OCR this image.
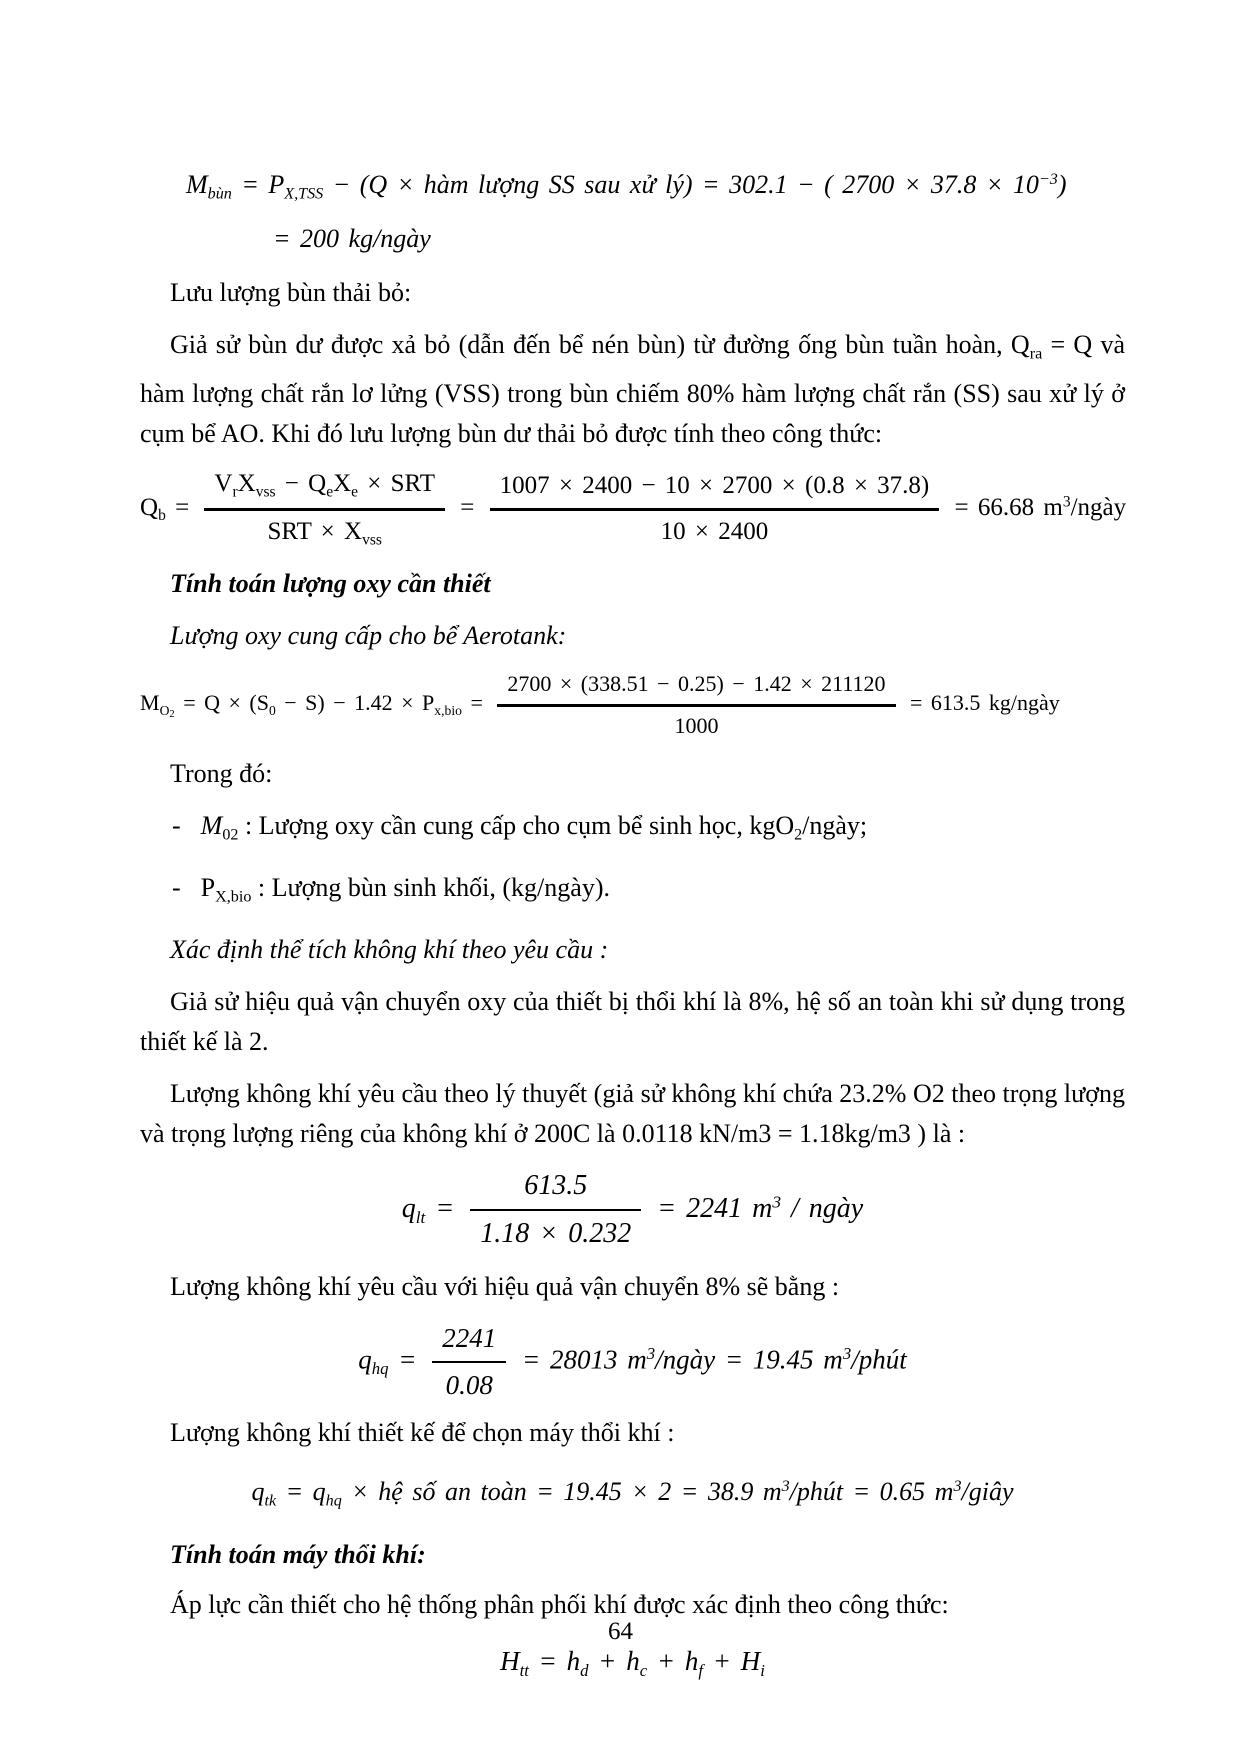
$M_{bùn} = P_{X,TSS} - (Q$ × hàm lượng SS sau xử lý) = 302.1 − ( $2700 \times 37.8 \times 10^{-3}$)
= 200 kg/ngày

Lưu lượng bùn thải bỏ:

Giả sử bùn dư được xả bỏ (dẫn đến bể nén bùn) từ đường ống bùn tuần hoàn, $Q_{ra} = Q$ và hàm lượng chất rắn lơ lửng (VSS) trong bùn chiếm 80% hàm lượng chất rắn (SS) sau xử lý ở cụm bể AO. Khi đó lưu lượng bùn dư thải bỏ được tính theo công thức:

$Q_b = \frac{V_rX_{vss} - Q_eX_e \times SRT}{SRT \times X_{vss}} = \frac{1007 \times 2400 - 10 \times 2700 \times (0.8 \times 37.8)}{10 \times 2400} = 66.68$ $m^3$/ngày

Tính toán lượng oxy cần thiết

Lượng oxy cung cấp cho bể Aerotank:

$M_{O2} = Q \times (S_0 - S) - 1.42 \times P_{x,bio} = \frac{2700 \times (338.51 - 0.25) - 1.42 \times 211120}{1000} = 613.5$ kg/ngày

Trong đó:

- $M_{02}$ : Lượng oxy cần cung cấp cho cụm bể sinh học, kgO$_2$/ngày;

- $P_{X,bio}$ : Lượng bùn sinh khối, (kg/ngày).

Xác định thể tích không khí theo yêu cầu :

Giả sử hiệu quả vận chuyển oxy của thiết bị thổi khí là 8%, hệ số an toàn khi sử dụng trong thiết kế là 2.

Lượng không khí yêu cầu theo lý thuyết (giả sử không khí chứa 23.2% O2 theo trọng lượng và trọng lượng riêng của không khí ở 200C là 0.0118 kN/m3 = 1.18kg/m3 ) là :

$q_{lt} = \frac{613.5}{1.18 \times 0.232} = 2241$ $m^3$ / ngày

Lượng không khí yêu cầu với hiệu quả vận chuyển 8% sẽ bằng :

$q_{hq} = \frac{2241}{0.08} = 28013$ $m^3$/ngày = 19.45 $m^3$/phút

Lượng không khí thiết kế để chọn máy thổi khí :

$q_{tk} = q_{hq}$ × hệ số an toàn = 19.45 × 2 = 38.9 $m^3$/phút = 0.65 $m^3$/giây

Tính toán máy thổi khí:

Áp lực cần thiết cho hệ thống phân phối khí được xác định theo công thức:

$H_{tt} = h_d + h_c + h_f + H_i$
64
